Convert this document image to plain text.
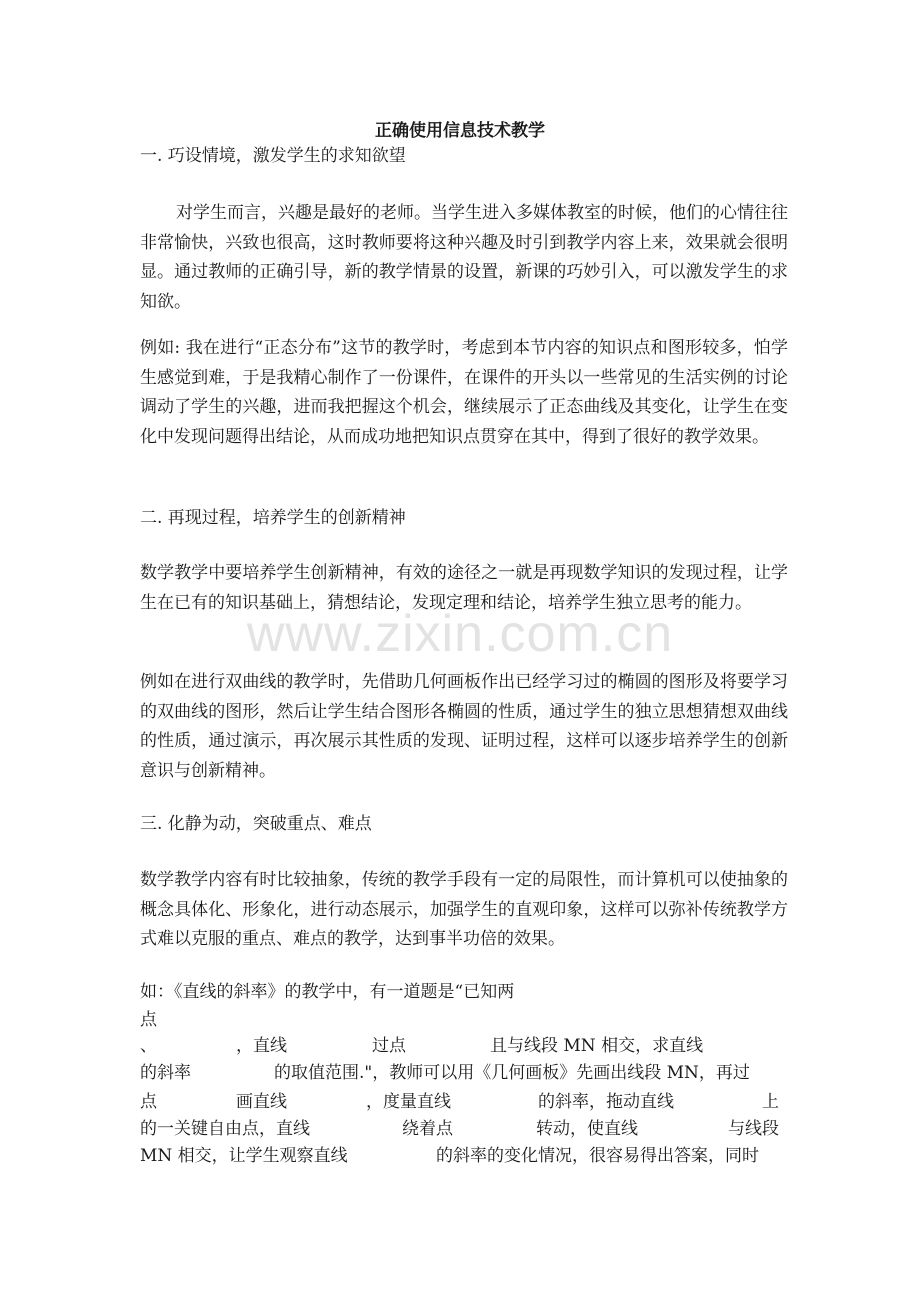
www.zixin.com.cn
正确使用信息技术教学
一. 巧设情境，激发学生的求知欲望
对学生而言，兴趣是最好的老师。当学生进入多媒体教室的时候，他们的心情往往非常愉快，兴致也很高，这时教师要将这种兴趣及时引到教学内容上来，效果就会很明显。通过教师的正确引导，新的教学情景的设置，新课的巧妙引入，可以激发学生的求知欲。
例如: 我在进行“正态分布”这节的教学时，考虑到本节内容的知识点和图形较多，怕学生感觉到难，于是我精心制作了一份课件，在课件的开头以一些常见的生活实例的讨论调动了学生的兴趣，进而我把握这个机会，继续展示了正态曲线及其变化，让学生在变化中发现问题得出结论，从而成功地把知识点贯穿在其中，得到了很好的教学效果。
二. 再现过程，培养学生的创新精神
数学教学中要培养学生创新精神，有效的途径之一就是再现数学知识的发现过程，让学生在已有的知识基础上，猜想结论，发现定理和结论，培养学生独立思考的能力。
例如在进行双曲线的教学时，先借助几何画板作出已经学习过的椭圆的图形及将要学习的双曲线的图形，然后让学生结合图形各椭圆的性质，通过学生的独立思想猜想双曲线的性质，通过演示，再次展示其性质的发现、证明过程，这样可以逐步培养学生的创新意识与创新精神。
三. 化静为动，突破重点、难点
数学教学内容有时比较抽象，传统的教学手段有一定的局限性，而计算机可以使抽象的概念具体化、形象化，进行动态展示，加强学生的直观印象，这样可以弥补传统教学方式难以克服的重点、难点的教学，达到事半功倍的效果。
如：《直线的斜率》的教学中，有一道题是“已知两
点
、	，直线	过点	且与线段 MN 相交，求直线
的斜率	的取值范围."，教师可以用《几何画板》先画出线段 MN，再过
点	画直线	，度量直线	的斜率，拖动直线	上
的一关键自由点，直线	绕着点	转动，使直线	与线段
MN 相交，让学生观察直线	的斜率的变化情况，很容易得出答案，同时
